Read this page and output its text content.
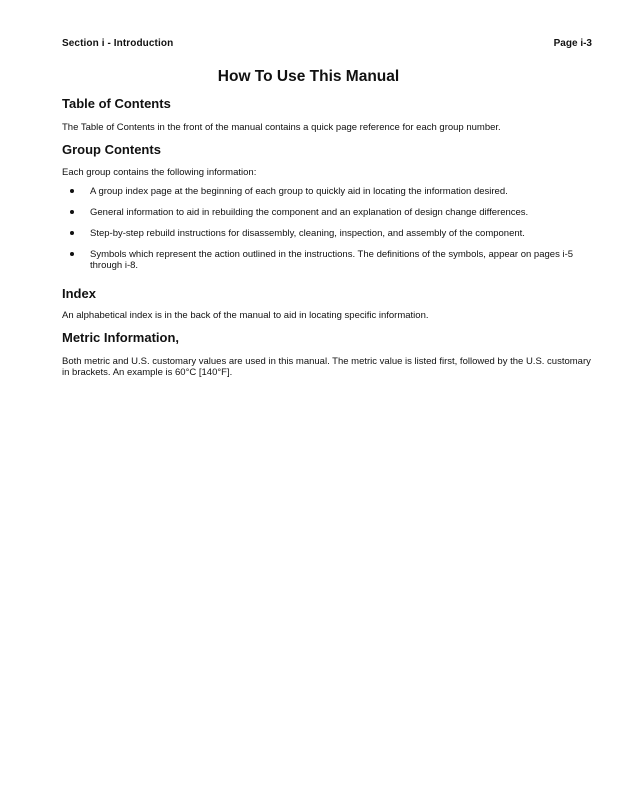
Section i - Introduction	Page i-3
How To Use This Manual
Table of Contents
The Table of Contents in the front of the manual contains a quick page reference for each group number.
Group Contents
Each group contains the following information:
A group index page at the beginning of each group to quickly aid in locating the information desired.
General information to aid in rebuilding the component and an explanation of design change differences.
Step-by-step rebuild instructions for disassembly, cleaning, inspection, and assembly of the component.
Symbols which represent the action outlined in the instructions. The definitions of the symbols, appear on pages i-5 through i-8.
Index
An alphabetical index is in the back of the manual to aid in locating specific information.
Metric Information,
Both metric and U.S. customary values are used in this manual. The metric value is listed first, followed by the U.S. customary in brackets. An example is 60°C [140°F].
